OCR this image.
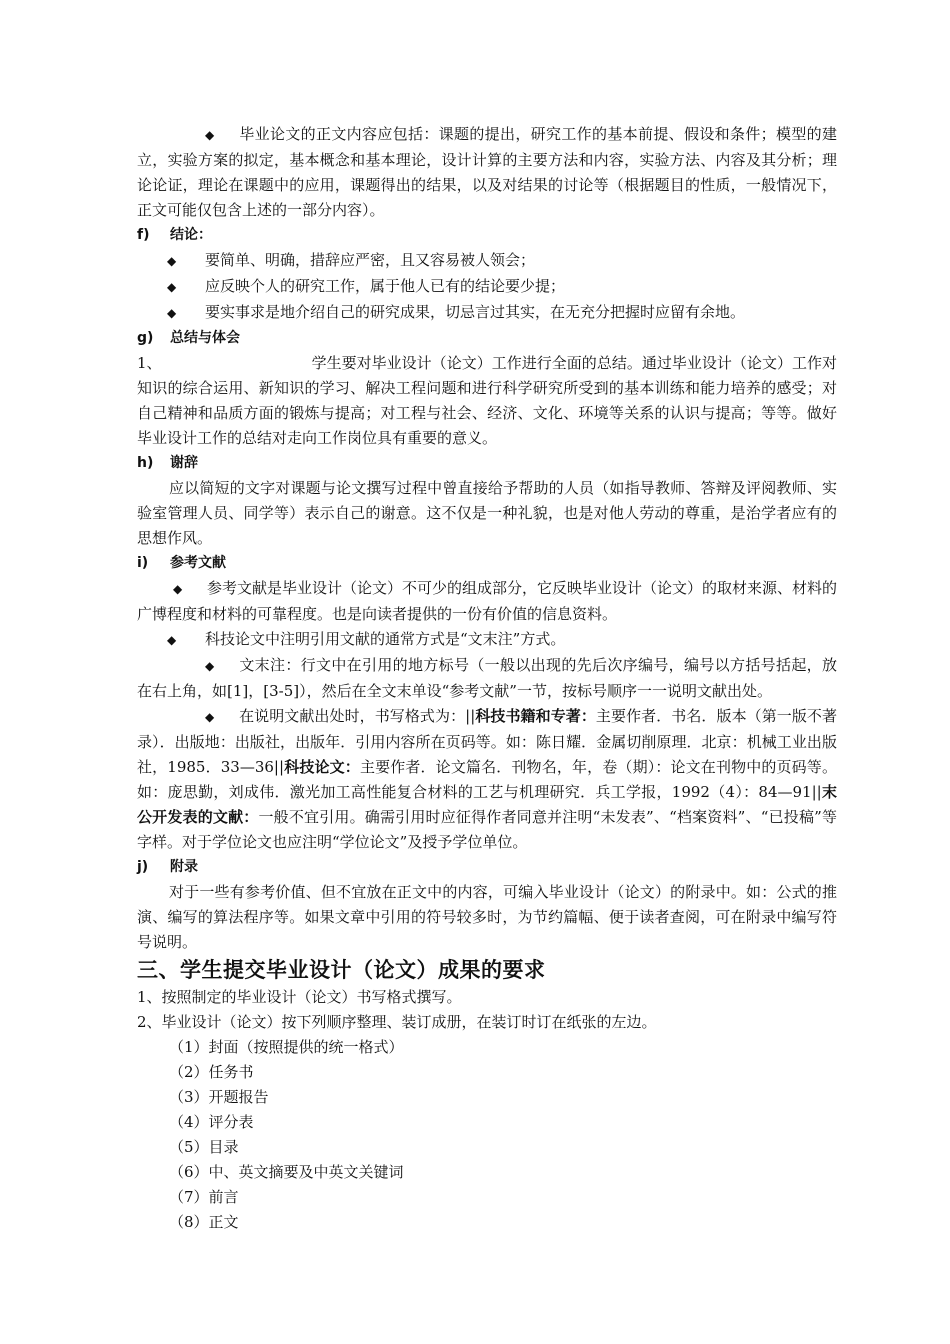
◆ 毕业论文的正文内容应包括：课题的提出，研究工作的基本前提、假设和条件；模型的建立，实验方案的拟定，基本概念和基本理论，设计计算的主要方法和内容，实验方法、内容及其分析；理论论证，理论在课题中的应用，课题得出的结果，以及对结果的讨论等（根据题目的性质，一般情况下，正文可能仅包含上述的一部分内容）。

f) 结论：

◆ 要简单、明确，措辞应严密，且又容易被人领会；
◆ 应反映个人的研究工作，属于他人已有的结论要少提；
◆ 要实事求是地介绍自己的研究成果，切忌言过其实，在无充分把握时应留有余地。

g) 总结与体会

1、	学生要对毕业设计（论文）工作进行全面的总结。通过毕业设计（论文）工作对知识的综合运用、新知识的学习、解决工程问题和进行科学研究所受到的基本训练和能力培养的感受；对自己精神和品质方面的锻炼与提高；对工程与社会、经济、文化、环境等关系的认识与提高；等等。做好毕业设计工作的总结对走向工作岗位具有重要的意义。

h) 谢辞

应以简短的文字对课题与论文撰写过程中曾直接给予帮助的人员（如指导教师、答辩及评阅教师、实验室管理人员、同学等）表示自己的谢意。这不仅是一种礼貌，也是对他人劳动的尊重，是治学者应有的思想作风。

i) 参考文献

◆ 参考文献是毕业设计（论文）不可少的组成部分，它反映毕业设计（论文）的取材来源、材料的广博程度和材料的可靠程度。也是向读者提供的一份有价值的信息资料。

◆ 科技论文中注明引用文献的通常方式是“文末注”方式。

◆ 文末注：行文中在引用的地方标号（一般以出现的先后次序编号，编号以方括号括起，放在右上角，如[1]，[3-5]），然后在全文末单设“参考文献”一节，按标号顺序一一说明文献出处。

◆ 在说明文献出处时，书写格式为：||科技书籍和专著：主要作者．书名．版本（第一版不著录）．出版地：出版社，出版年．引用内容所在页码等。如：陈日耀．金属切削原理．北京：机械工业出版社，1985．33—36||科技论文：主要作者．论文篇名．刊物名，年，卷（期）：论文在刊物中的页码等。如：庞思勤，刘成伟．激光加工高性能复合材料的工艺与机理研究．兵工学报，1992（4）：84—91||末公开发表的文献：一般不宜引用。确需引用时应征得作者同意并注明“未发表”、“档案资料”、“已投稿”等字样。对于学位论文也应注明“学位论文”及授予学位单位。

j) 附录

对于一些有参考价值、但不宜放在正文中的内容，可编入毕业设计（论文）的附录中。如：公式的推演、编写的算法程序等。如果文章中引用的符号较多时，为节约篇幅、便于读者查阅，可在附录中编写符号说明。

三、学生提交毕业设计（论文）成果的要求

1、按照制定的毕业设计（论文）书写格式撰写。

2、毕业设计（论文）按下列顺序整理、装订成册，在装订时订在纸张的左边。

（1）封面（按照提供的统一格式）
（2）任务书
（3）开题报告
（4）评分表
（5）目录
（6）中、英文摘要及中英文关键词
（7）前言
（8）正文
